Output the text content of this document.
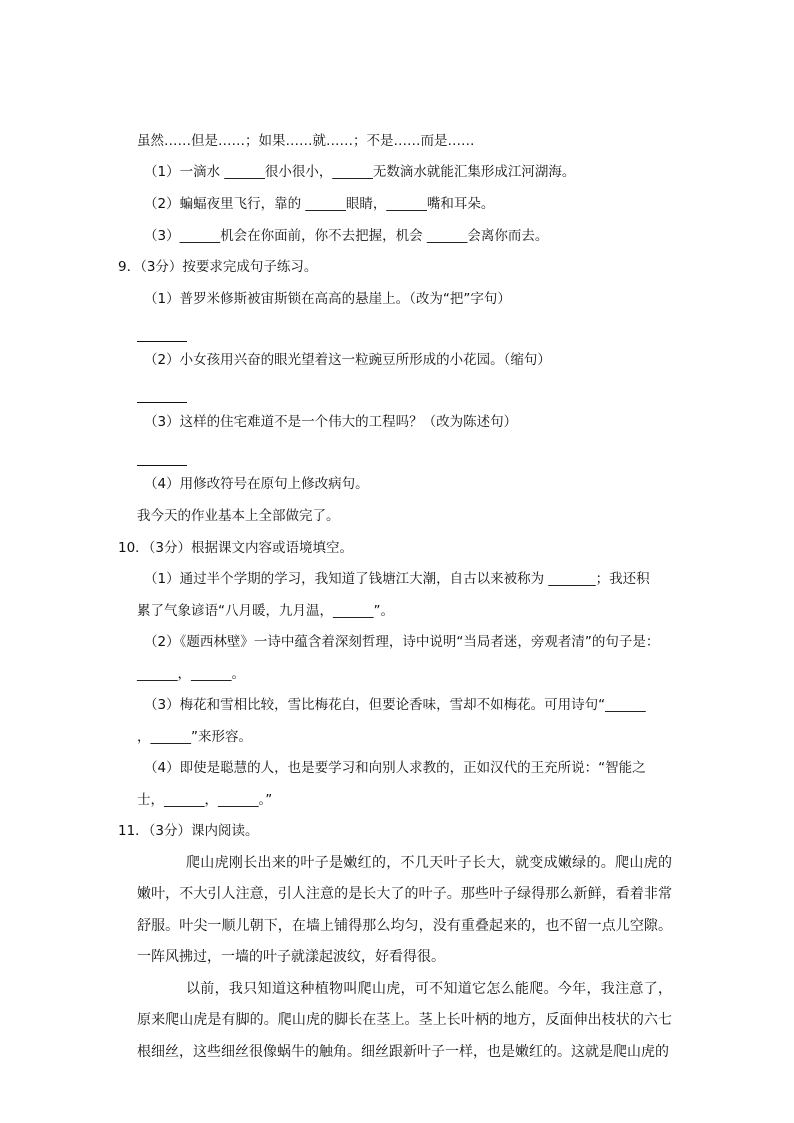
虽然……但是……；如果……就……；不是……而是……
（1）一滴水 ______很小很小，______无数滴水就能汇集形成江河湖海。
（2）蝙蝠夜里飞行，靠的 ______眼睛，______嘴和耳朵。
（3）______机会在你面前，你不去把握，机会 ______会离你而去。
9．（3分）按要求完成句子练习。
（1）普罗米修斯被宙斯锁在高高的悬崖上。（改为“把”字句）
（2）小女孩用兴奋的眼光望着这一粒豌豆所形成的小花园。（缩句）
（3）这样的住宅难道不是一个伟大的工程吗？（改为陈述句）
（4）用修改符号在原句上修改病句。
我今天的作业基本上全部做完了。
10．（3分）根据课文内容或语境填空。
（1）通过半个学期的学习，我知道了钱塘江大潮，自古以来被称为 _______；我还积
累了气象谚语“八月暖，九月温，______”。
（2）《题西林壁》一诗中蕴含着深刻哲理，诗中说明“当局者迷，旁观者清”的句子是：
______，______。
（3）梅花和雪相比较，雪比梅花白，但要论香味，雪却不如梅花。可用诗句“______
，______”来形容。
（4）即使是聪慧的人，也是要学习和向别人求教的，正如汉代的王充所说：“智能之
士，______，______。”
11．（3分）课内阅读。
爬山虎刚长出来的叶子是嫩红的，不几天叶子长大，就变成嫩绿的。爬山虎的嫩叶，不大引人注意，引人注意的是长大了的叶子。那些叶子绿得那么新鲜，看着非常舒服。叶尖一顺儿朝下，在墙上铺得那么均匀，没有重叠起来的，也不留一点儿空隙。一阵风拂过，一墙的叶子就漾起波纹，好看得很。
以前，我只知道这种植物叫爬山虎，可不知道它怎么能爬。今年，我注意了，原来爬山虎是有脚的。爬山虎的脚长在茎上。茎上长叶柄的地方，反面伸出枝状的六七根细丝，这些细丝很像蜗牛的触角。细丝跟新叶子一样，也是嫩红的。这就是爬山虎的
